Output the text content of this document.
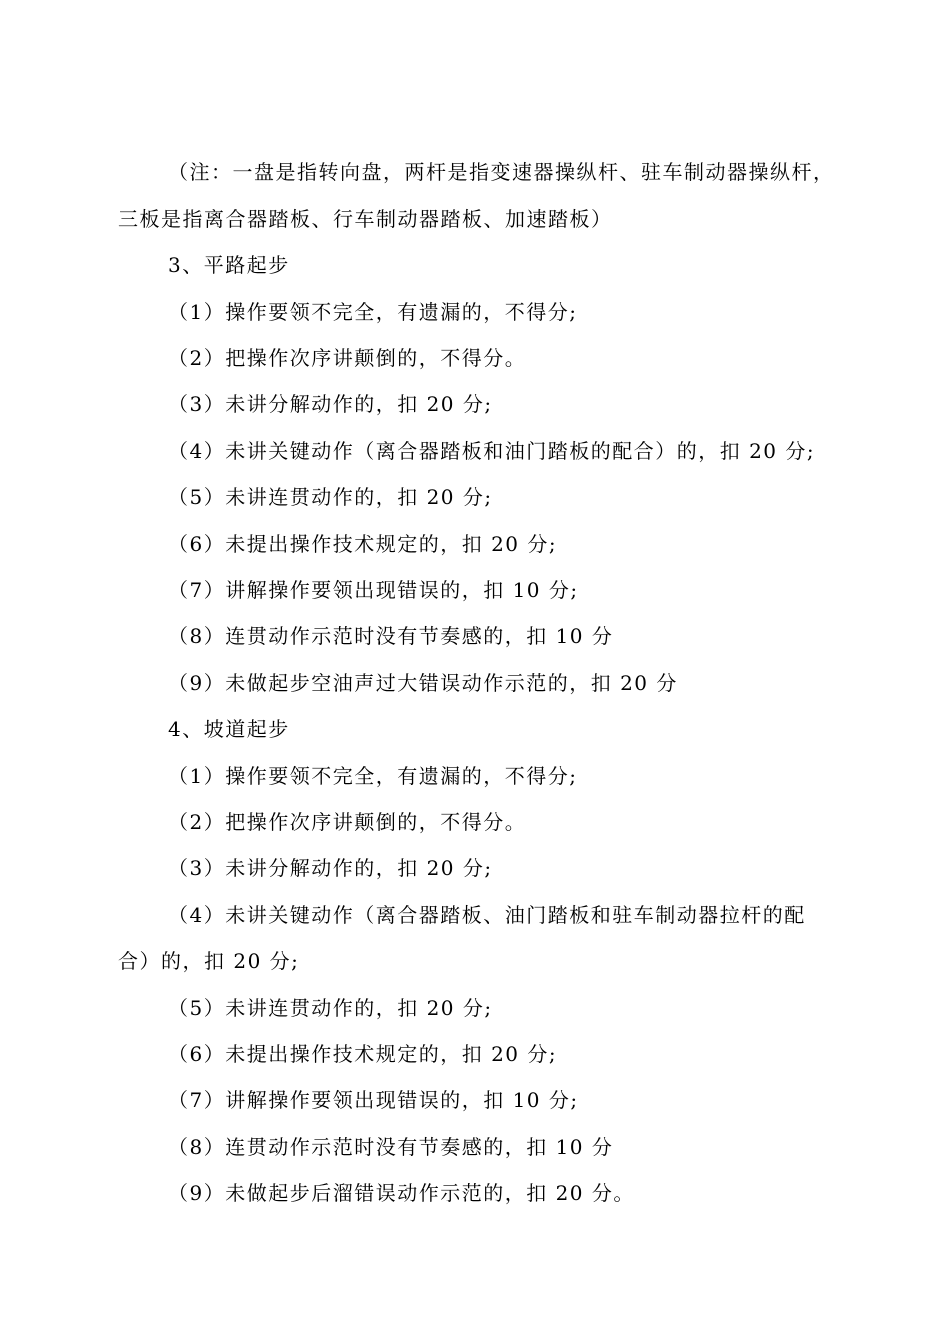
（注：一盘是指转向盘，两杆是指变速器操纵杆、驻车制动器操纵杆，
三板是指离合器踏板、行车制动器踏板、加速踏板）
3、平路起步
（1）操作要领不完全，有遗漏的，不得分;
（2）把操作次序讲颠倒的，不得分。
（3）未讲分解动作的，扣 20 分;
（4）未讲关键动作（离合器踏板和油门踏板的配合）的，扣 20 分;
（5）未讲连贯动作的，扣 20 分;
（6）未提出操作技术规定的，扣 20 分;
（7）讲解操作要领出现错误的，扣 10 分;
（8）连贯动作示范时没有节奏感的，扣 10 分
（9）未做起步空油声过大错误动作示范的，扣 20 分
4、坡道起步
（1）操作要领不完全，有遗漏的，不得分;
（2）把操作次序讲颠倒的，不得分。
（3）未讲分解动作的，扣 20 分;
（4）未讲关键动作（离合器踏板、油门踏板和驻车制动器拉杆的配
合）的，扣 20 分;
（5）未讲连贯动作的，扣 20 分;
（6）未提出操作技术规定的，扣 20 分;
（7）讲解操作要领出现错误的，扣 10 分;
（8）连贯动作示范时没有节奏感的，扣 10 分
（9）未做起步后溜错误动作示范的，扣 20 分。
